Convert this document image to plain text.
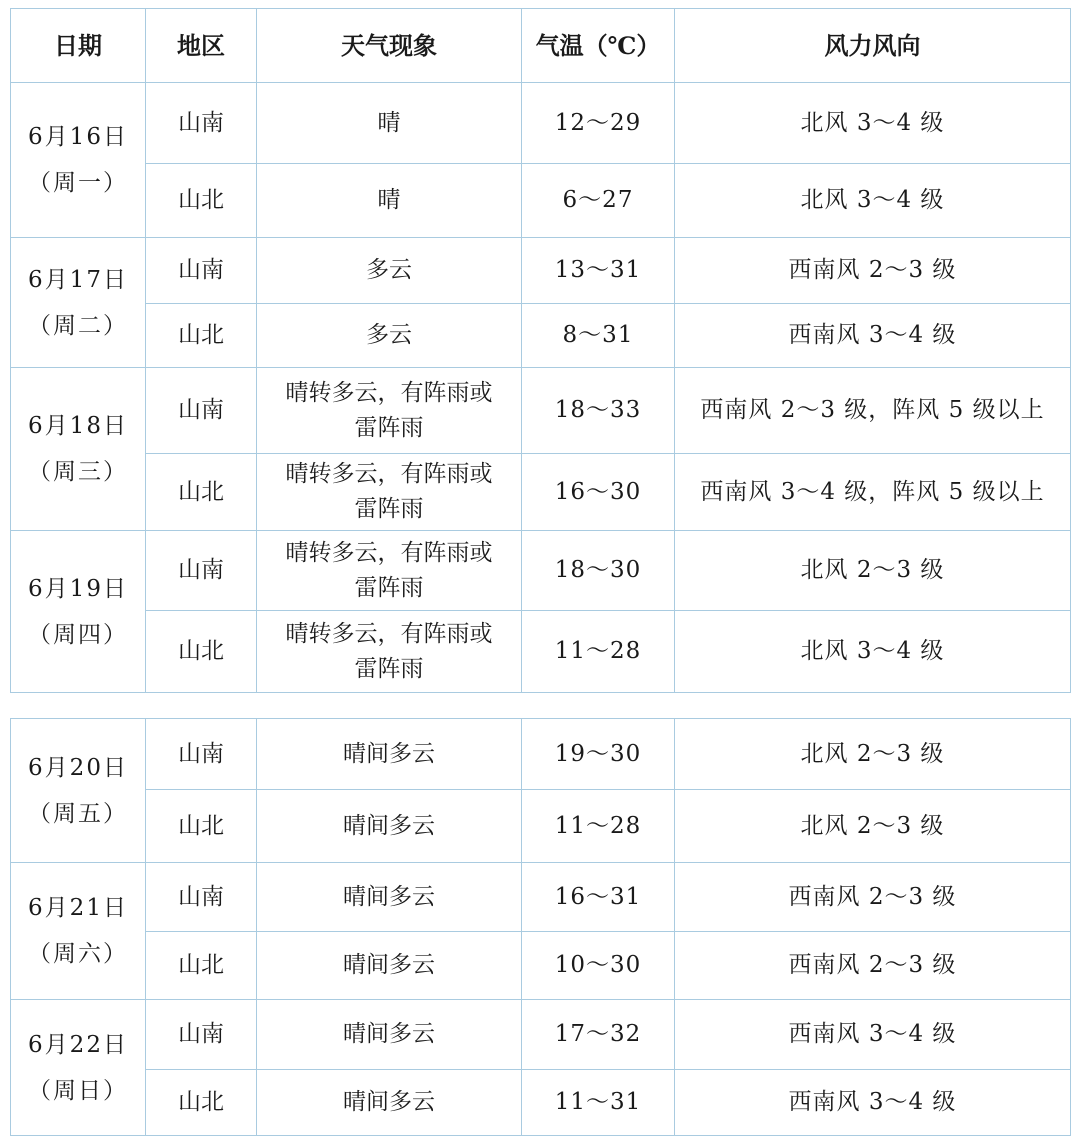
日期	地区	天气现象	气温（℃）	风力风向

6月16日
（周一）	山南	晴	12～29	北风 3～4 级
	山北	晴	6～27	北风 3～4 级

6月17日
（周二）	山南	多云	13～31	西南风 2～3 级
	山北	多云	8～31	西南风 3～4 级

6月18日
（周三）	山南	晴转多云，有阵雨或雷阵雨	18～33	西南风 2～3 级，阵风 5 级以上
	山北	晴转多云，有阵雨或雷阵雨	16～30	西南风 3～4 级，阵风 5 级以上

6月19日
（周四）	山南	晴转多云，有阵雨或雷阵雨	18～30	北风 2～3 级
	山北	晴转多云，有阵雨或雷阵雨	11～28	北风 3～4 级
6月20日
（周五）	山南	晴间多云	19～30	北风 2～3 级
	山北	晴间多云	11～28	北风 2～3 级

6月21日
（周六）	山南	晴间多云	16～31	西南风 2～3 级
	山北	晴间多云	10～30	西南风 2～3 级

6月22日
（周日）	山南	晴间多云	17～32	西南风 3～4 级
	山北	晴间多云	11～31	西南风 3～4 级
